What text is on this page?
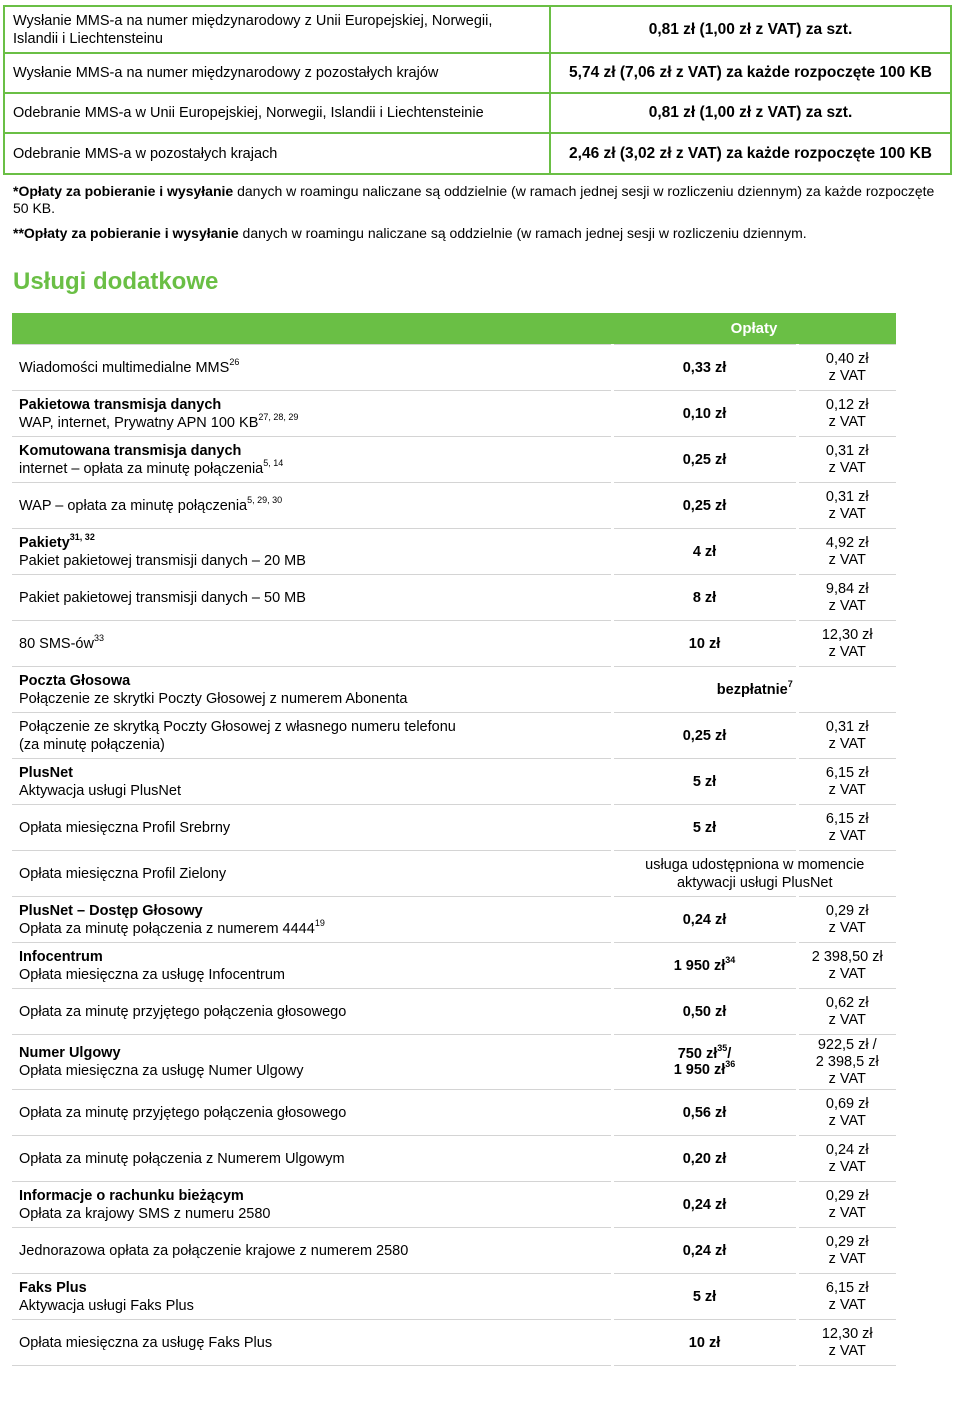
Wysłanie MMS-a na numer międzynarodowy z Unii Europejskiej, Norwegii, Islandii i Liechtensteinu	0,81 zł (1,00 zł z VAT) za szt.
Wysłanie MMS-a na numer międzynarodowy z pozostałych krajów	5,74 zł (7,06 zł z VAT) za każde rozpoczęte 100 KB
Odebranie MMS-a w Unii Europejskiej, Norwegii, Islandii i Liechtensteinie	0,81 zł (1,00 zł z VAT) za szt.
Odebranie MMS-a w pozostałych krajach	2,46 zł (3,02 zł z VAT) za każde rozpoczęte 100 KB
*Opłaty za pobieranie i wysyłanie danych w roamingu naliczane są oddzielnie (w ramach jednej sesji w rozliczeniu dziennym) za każde rozpoczęte 50 KB.
**Opłaty za pobieranie i wysyłanie danych w roamingu naliczane są oddzielnie (w ramach jednej sesji w rozliczeniu dziennym.
Usługi dodatkowe
	Opłaty	

Wiadomości multimedialne MMS$^{26}$	0,33 zł	0,40 zł
z VAT

Pakietowa transmisja danych
WAP, internet, Prywatny APN 100 KB$^{27, 28, 29}$	0,10 zł	0,12 zł
z VAT

Komutowana transmisja danych
internet – opłata za minutę połączenia$^{5, 14}$	0,25 zł	0,31 zł
z VAT

WAP – opłata za minutę połączenia$^{5, 29, 30}$	0,25 zł	0,31 zł
z VAT

Pakiety$^{31, 32}$
Pakiet pakietowej transmisji danych – 20 MB	4 zł	4,92 zł
z VAT

Pakiet pakietowej transmisji danych – 50 MB	8 zł	9,84 zł
z VAT

80 SMS-$ów^{33}$	10 zł	12,30 zł
z VAT

Poczta Głosowa
Połączenie ze skrytki Poczty Głosowej z numerem Abonenta	bezpłatnie$^7$

Połączenie ze skrytką Poczty Głosowej z własnego numeru telefonu
(za minutę połączenia)	0,25 zł	0,31 zł
z VAT

PlusNet
Aktywacja usługi PlusNet	5 zł	6,15 zł
z VAT

Opłata miesięczna Profil Srebrny	5 zł	6,15 zł
z VAT

Opłata miesięczna Profil Zielony	usługa udostępniona w momencie
aktywacji usługi PlusNet	

PlusNet – Dostęp Głosowy
Opłata za minutę połączenia z numerem 4444$^{19}$	0,24 zł	0,29 zł
z VAT

Infocentrum
Opłata miesięczna za usługę Infocentrum	1 950 $zł^{34}$	2 398,50 zł
z VAT

Opłata za minutę przyjętego połączenia głosowego	0,50 zł	0,62 zł
z VAT

Numer Ulgowy
Opłata miesięczna za usługę Numer Ulgowy	750 $zł^{35}/$
1 950 $zł^{36}$	922,5 zł /
2 398,5 zł
z VAT

Opłata za minutę przyjętego połączenia głosowego	0,56 zł	0,69 zł
z VAT

Opłata za minutę połączenia z Numerem Ulgowym	0,20 zł	0,24 zł
z VAT

Informacje o rachunku bieżącym
Opłata za krajowy SMS z numeru 2580	0,24 zł	0,29 zł
z VAT

Jednorazowa opłata za połączenie krajowe z numerem 2580	0,24 zł	0,29 zł
z VAT

Faks Plus
Aktywacja usługi Faks Plus	5 zł	6,15 zł
z VAT

Opłata miesięczna za usługę Faks Plus	10 zł	12,30 zł
z VAT
